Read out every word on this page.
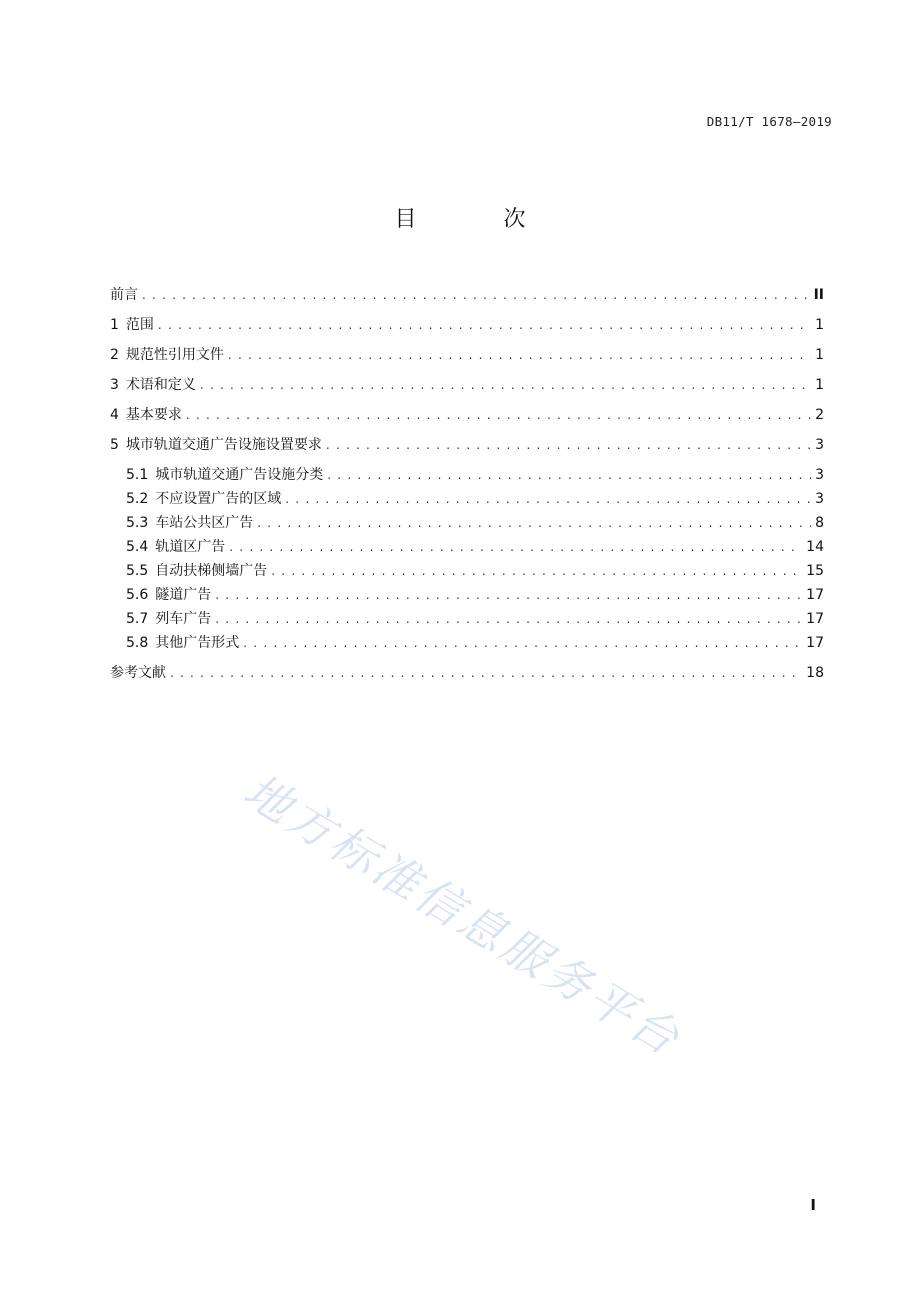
DB11/T 1678—2019
目 次
前言 . . .	II
1 范围 . . .	1
2 规范性引用文件 . . .	1
3 术语和定义 . . .	1
4 基本要求 . . .	2
5 城市轨道交通广告设施设置要求 . . .	3
5.1 城市轨道交通广告设施分类 . . .	3
5.2 不应设置广告的区域 . . .	3
5.3 车站公共区广告 . . .	8
5.4 轨道区广告 . . .	14
5.5 自动扶梯侧墙广告 . . .	15
5.6 隧道广告 . . .	17
5.7 列车广告 . . .	17
5.8 其他广告形式 . . .	17
参考文献 . . .	18
地方标准信息服务平台
I
